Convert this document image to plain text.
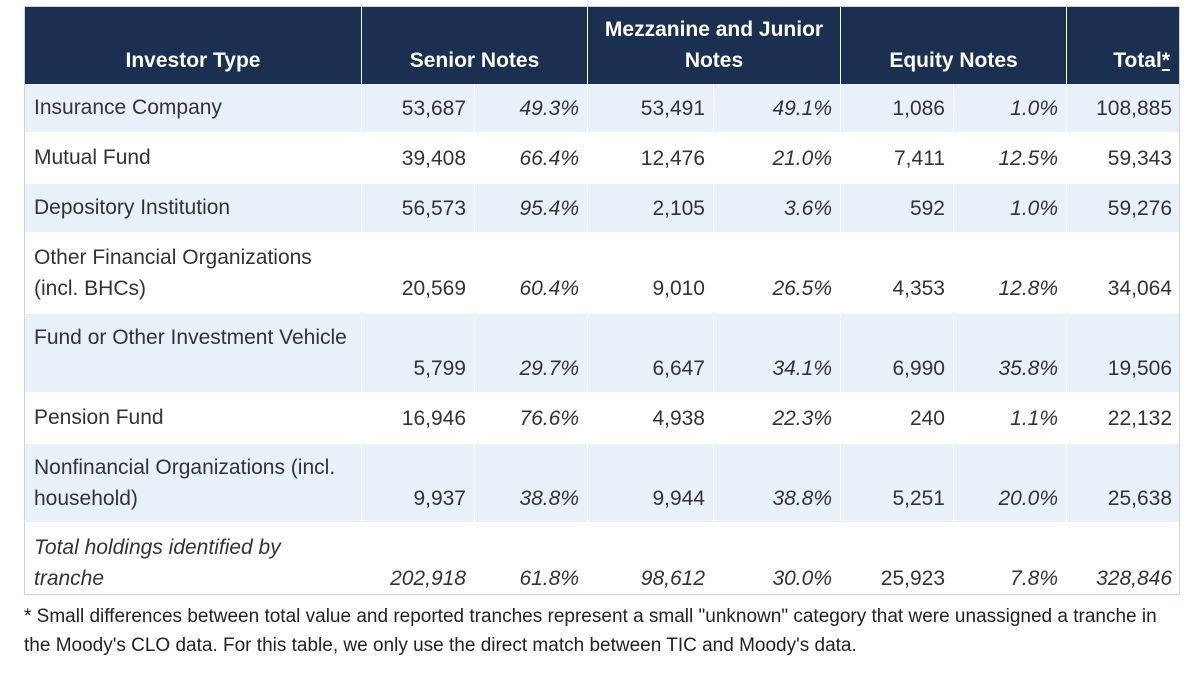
Investor Type	Senior Notes		Mezzanine and Junior Notes		Equity Notes		Total*
Insurance Company	53,687	49.3%	53,491	49.1%	1,086	1.0%	108,885
Mutual Fund	39,408	66.4%	12,476	21.0%	7,411	12.5%	59,343
Depository Institution	56,573	95.4%	2,105	3.6%	592	1.0%	59,276
Other Financial Organizations (incl. BHCs)	20,569	60.4%	9,010	26.5%	4,353	12.8%	34,064
Fund or Other Investment Vehicle	5,799	29.7%	6,647	34.1%	6,990	35.8%	19,506
Pension Fund	16,946	76.6%	4,938	22.3%	240	1.1%	22,132
Nonfinancial Organizations (incl. household)	9,937	38.8%	9,944	38.8%	5,251	20.0%	25,638
Total holdings identified by tranche	202,918	61.8%	98,612	30.0%	25,923	7.8%	328,846
* Small differences between total value and reported tranches represent a small "unknown" category that were unassigned a tranche in the Moody's CLO data. For this table, we only use the direct match between TIC and Moody's data.
